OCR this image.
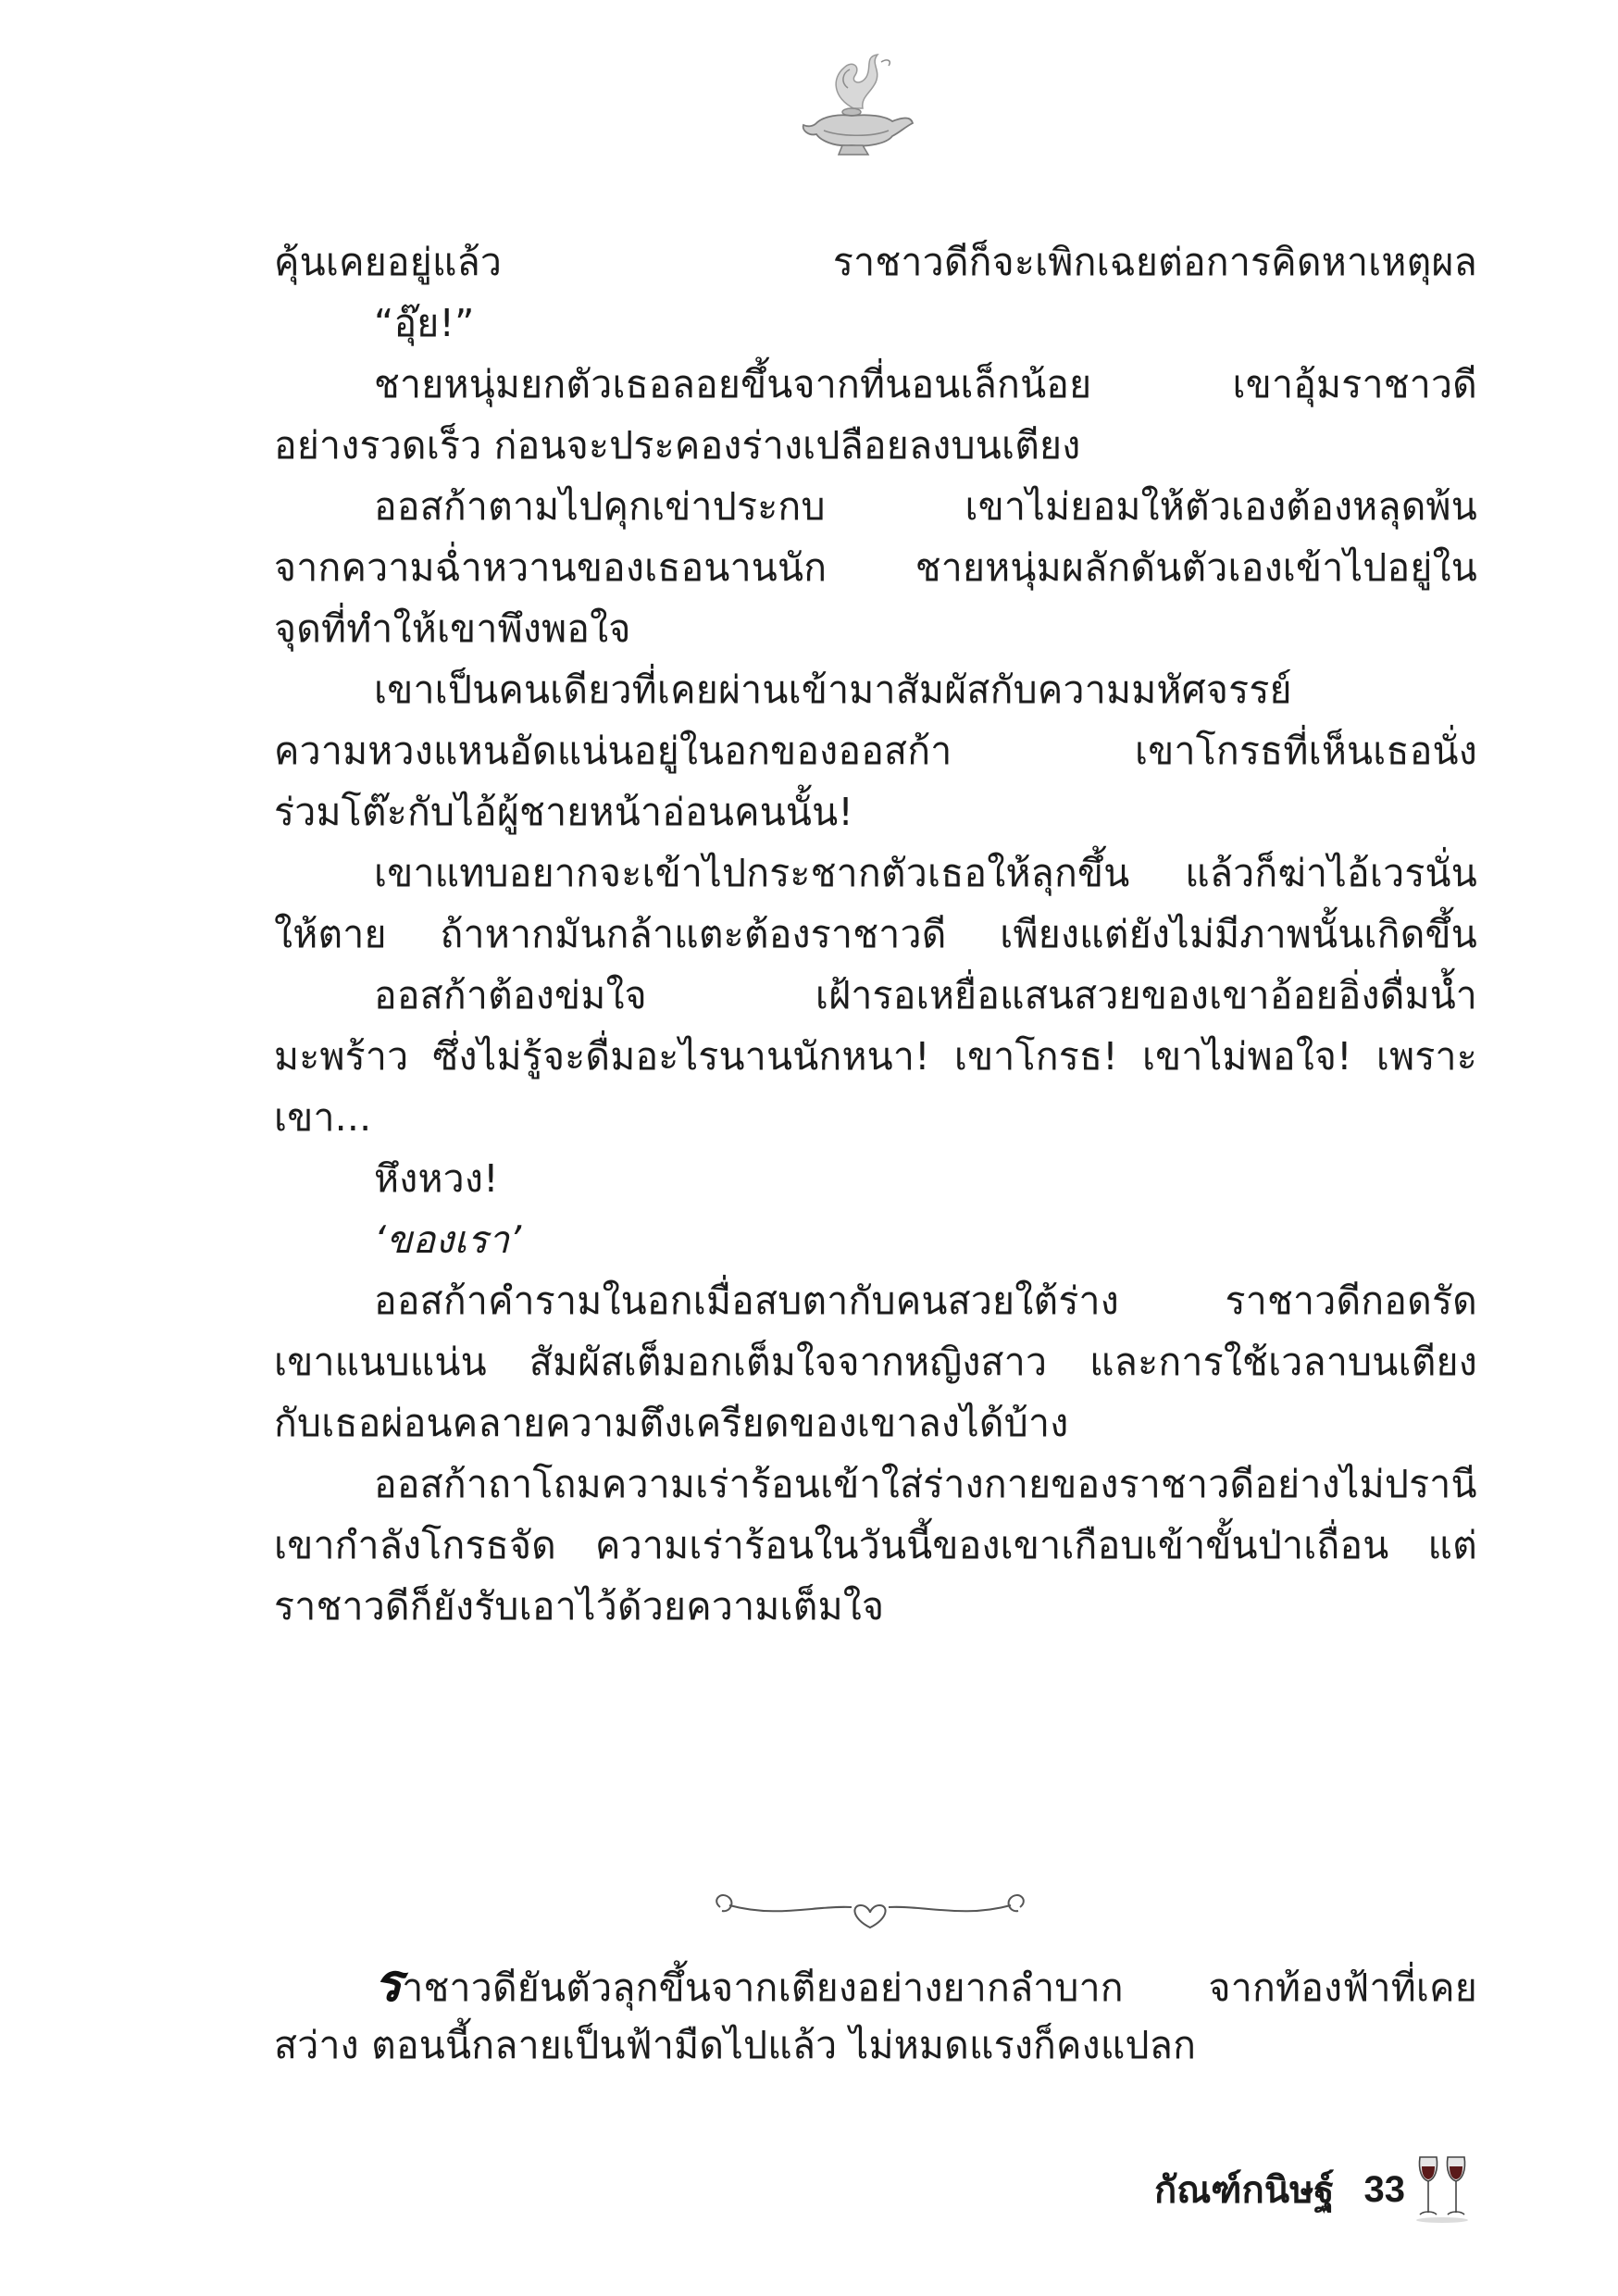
คุ้นเคยอยู่แล้ว ราชาวดีก็จะเพิกเฉยต่อการคิดหาเหตุผล
“อุ๊ย!”
ชายหนุ่มยกตัวเธอลอยขึ้นจากที่นอนเล็กน้อย เขาอุ้มราชาวดี
อย่างรวดเร็ว ก่อนจะประคองร่างเปลือยลงบนเตียง
ออสก้าตามไปคุกเข่าประกบ เขาไม่ยอมให้ตัวเองต้องหลุดพ้น
จากความฉ่ำหวานของเธอนานนัก ชายหนุ่มผลักดันตัวเองเข้าไปอยู่ใน
จุดที่ทำให้เขาพึงพอใจ
เขาเป็นคนเดียวที่เคยผ่านเข้ามาสัมผัสกับความมหัศจรรย์
ความหวงแหนอัดแน่นอยู่ในอกของออสก้า เขาโกรธที่เห็นเธอนั่ง
ร่วมโต๊ะกับไอ้ผู้ชายหน้าอ่อนคนนั้น!
เขาแทบอยากจะเข้าไปกระชากตัวเธอให้ลุกขึ้น แล้วก็ฆ่าไอ้เวรนั่น
ให้ตาย ถ้าหากมันกล้าแตะต้องราชาวดี เพียงแต่ยังไม่มีภาพนั้นเกิดขึ้น
ออสก้าต้องข่มใจ เฝ้ารอเหยื่อแสนสวยของเขาอ้อยอิ่งดื่มน้ำ
มะพร้าว ซึ่งไม่รู้จะดื่มอะไรนานนักหนา! เขาโกรธ! เขาไม่พอใจ! เพราะ
เขา...
หึงหวง!
‘ของเรา’
ออสก้าคำรามในอกเมื่อสบตากับคนสวยใต้ร่าง ราชาวดีกอดรัด
เขาแนบแน่น สัมผัสเต็มอกเต็มใจจากหญิงสาว และการใช้เวลาบนเตียง
กับเธอผ่อนคลายความตึงเครียดของเขาลงได้บ้าง
ออสก้าถาโถมความเร่าร้อนเข้าใส่ร่างกายของราชาวดีอย่างไม่ปรานี
เขากำลังโกรธจัด ความเร่าร้อนในวันนี้ของเขาเกือบเข้าขั้นป่าเถื่อน แต่
ราชาวดีก็ยังรับเอาไว้ด้วยความเต็มใจ
ราชาวดียันตัวลุกขึ้นจากเตียงอย่างยากลำบาก จากท้องฟ้าที่เคย
สว่าง ตอนนี้กลายเป็นฟ้ามืดไปแล้ว ไม่หมดแรงก็คงแปลก
กัณฑ์กนิษฐ์ 33
